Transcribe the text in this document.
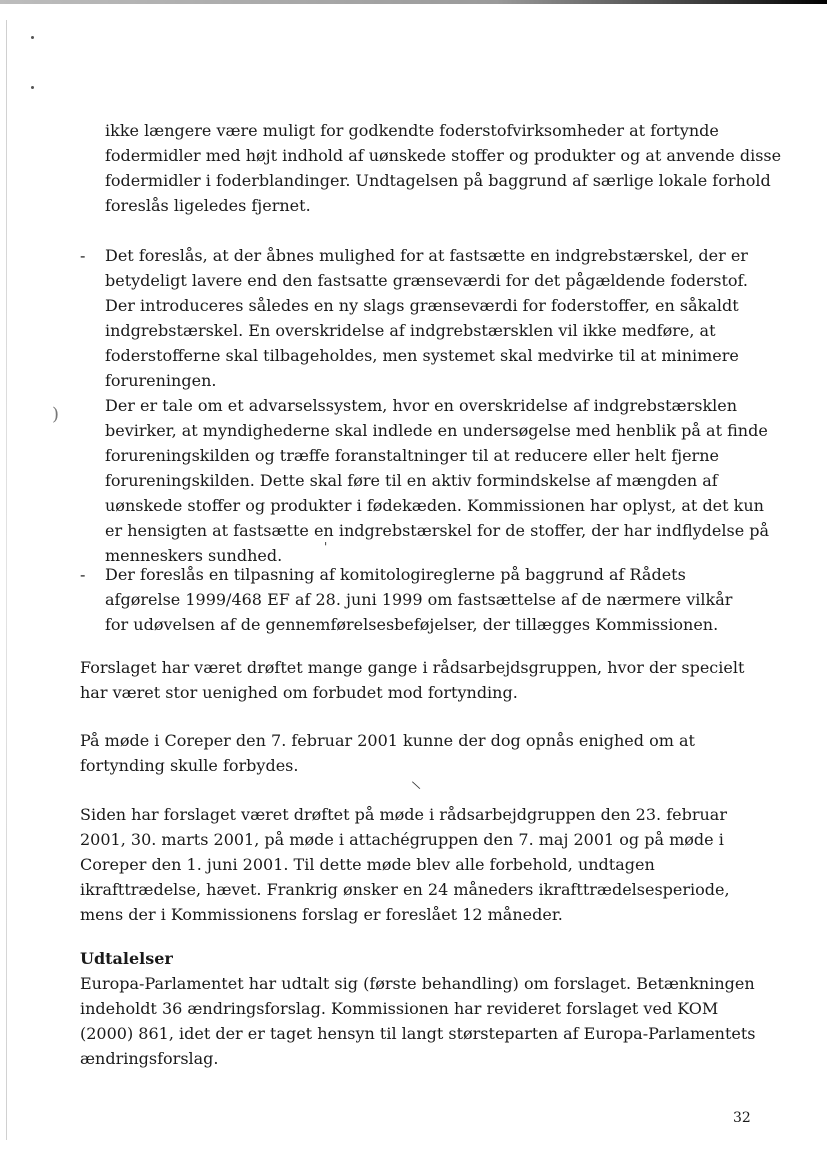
)
'
\

ikke længere være muligt for godkendte foderstofvirksomheder at fortynde fodermidler med højt indhold af uønskede stoffer og produkter og at anvende disse fodermidler i foderblandinger. Undtagelsen på baggrund af særlige lokale forhold foreslås ligeledes fjernet.

-	Det foreslås, at der åbnes mulighed for at fastsætte en indgrebstærskel, der er betydeligt lavere end den fastsatte grænseværdi for det pågældende foderstof. Der introduceres således en ny slags grænseværdi for foderstoffer, en såkaldt indgrebstærskel. En overskridelse af indgrebstærsklen vil ikke medføre, at foderstofferne skal tilbageholdes, men systemet skal medvirke til at minimere forureningen.

Der er tale om et advarselssystem, hvor en overskridelse af indgrebstærsklen bevirker, at myndighederne skal indlede en undersøgelse med henblik på at finde forureningskilden og træffe foranstaltninger til at reducere eller helt fjerne forureningskilden. Dette skal føre til en aktiv formindskelse af mængden af uønskede stoffer og produkter i fødekæden. Kommissionen har oplyst, at det kun er hensigten at fastsætte en indgrebstærskel for de stoffer, der har indflydelse på menneskers sundhed.

-	Der foreslås en tilpasning af komitologireglerne på baggrund af Rådets afgørelse 1999/468 EF af 28. juni 1999 om fastsættelse af de nærmere vilkår for udøvelsen af de gennemførelsesbeføjelser, der tillægges Kommissionen.

Forslaget har været drøftet mange gange i rådsarbejdsgruppen, hvor der specielt har været stor uenighed om forbudet mod fortynding.

På møde i Coreper den 7. februar 2001 kunne der dog opnås enighed om at fortynding skulle forbydes.

Siden har forslaget været drøftet på møde i rådsarbejdgruppen den 23. februar 2001, 30. marts 2001, på møde i attachégruppen den 7. maj 2001 og på møde i Coreper den 1. juni 2001. Til dette møde blev alle forbehold, undtagen ikrafttrædelse, hævet. Frankrig ønsker en 24 måneders ikrafttrædelsesperiode, mens der i Kommissionens forslag er foreslået 12 måneder.

Udtalelser

Europa-Parlamentet har udtalt sig (første behandling) om forslaget. Betænkningen indeholdt 36 ændringsforslag. Kommissionen har revideret forslaget ved KOM (2000) 861, idet der er taget hensyn til langt størsteparten af Europa-Parlamentets ændringsforslag.

32
